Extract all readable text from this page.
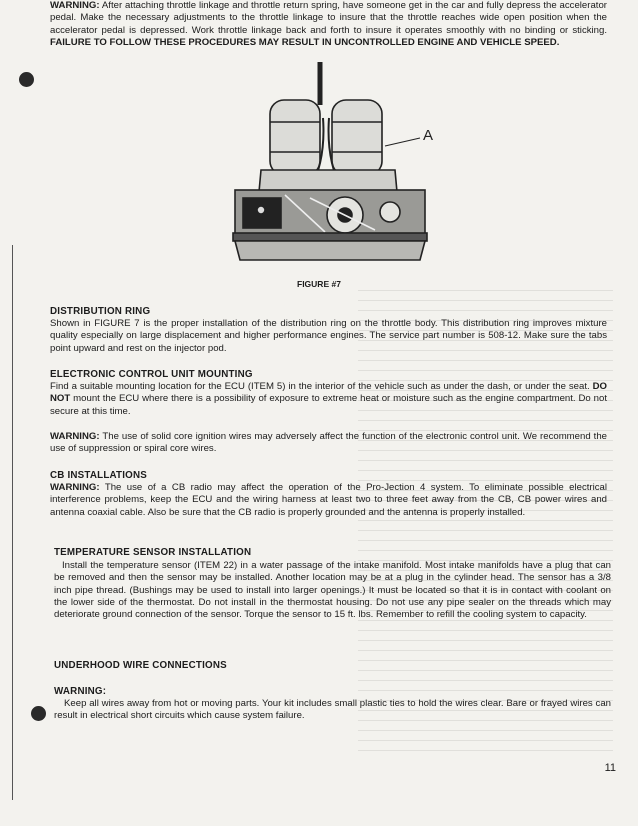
WARNING: After attaching throttle linkage and throttle return spring, have someone get in the car and fully depress the accelerator pedal. Make the necessary adjustments to the throttle linkage to insure that the throttle reaches wide open position when the accelerator pedal is depressed. Work throttle linkage back and forth to insure it operates smoothly with no binding or sticking. FAILURE TO FOLLOW THESE PROCEDURES MAY RESULT IN UNCONTROLLED ENGINE AND VEHICLE SPEED.

A
FIGURE #7
DISTRIBUTION RING
Shown in FIGURE 7 is the proper installation of the distribution ring on the throttle body. This distribution ring improves mixture quality especially on large displacement and higher performance engines. The service part number is 508-12. Make sure the tabs point upward and rest on the injector pod.
ELECTRONIC CONTROL UNIT MOUNTING

Find a suitable mounting location for the ECU (ITEM 5) in the interior of the vehicle such as under the dash, or under the seat. DO NOT mount the ECU where there is a possibility of exposure to extreme heat or moisture such as the engine compartment. Do not secure at this time.

WARNING: The use of solid core ignition wires may adversely affect the function of the electronic control unit. We recommend the use of suppression or spiral core wires.

CB INSTALLATIONS

WARNING: The use of a CB radio may affect the operation of the Pro-Jection 4 system. To eliminate possible electrical interference problems, keep the ECU and the wiring harness at least two to three feet away from the CB, CB power wires and antenna coaxial cable. Also be sure that the CB radio is properly grounded and the antenna is properly installed.

TEMPERATURE SENSOR INSTALLATION

Install the temperature sensor (ITEM 22) in a water passage of the intake manifold. Most intake manifolds have a plug that can be removed and then the sensor may be installed. Another location may be at a plug in the cylinder head. The sensor has a 3/8 inch pipe thread. (Bushings may be used to install into larger openings.) It must be located so that it is in contact with coolant on the lower side of the thermostat. Do not install in the thermostat housing. Do not use any pipe sealer on the threads which may deteriorate ground connection of the sensor. Torque the sensor to 15 ft. lbs. Remember to refill the cooling system to capacity.

UNDERHOOD WIRE CONNECTIONS
WARNING:

Keep all wires away from hot or moving parts. Your kit includes small plastic ties to hold the wires clear. Bare or frayed wires can result in electrical short circuits which cause system failure.

11
